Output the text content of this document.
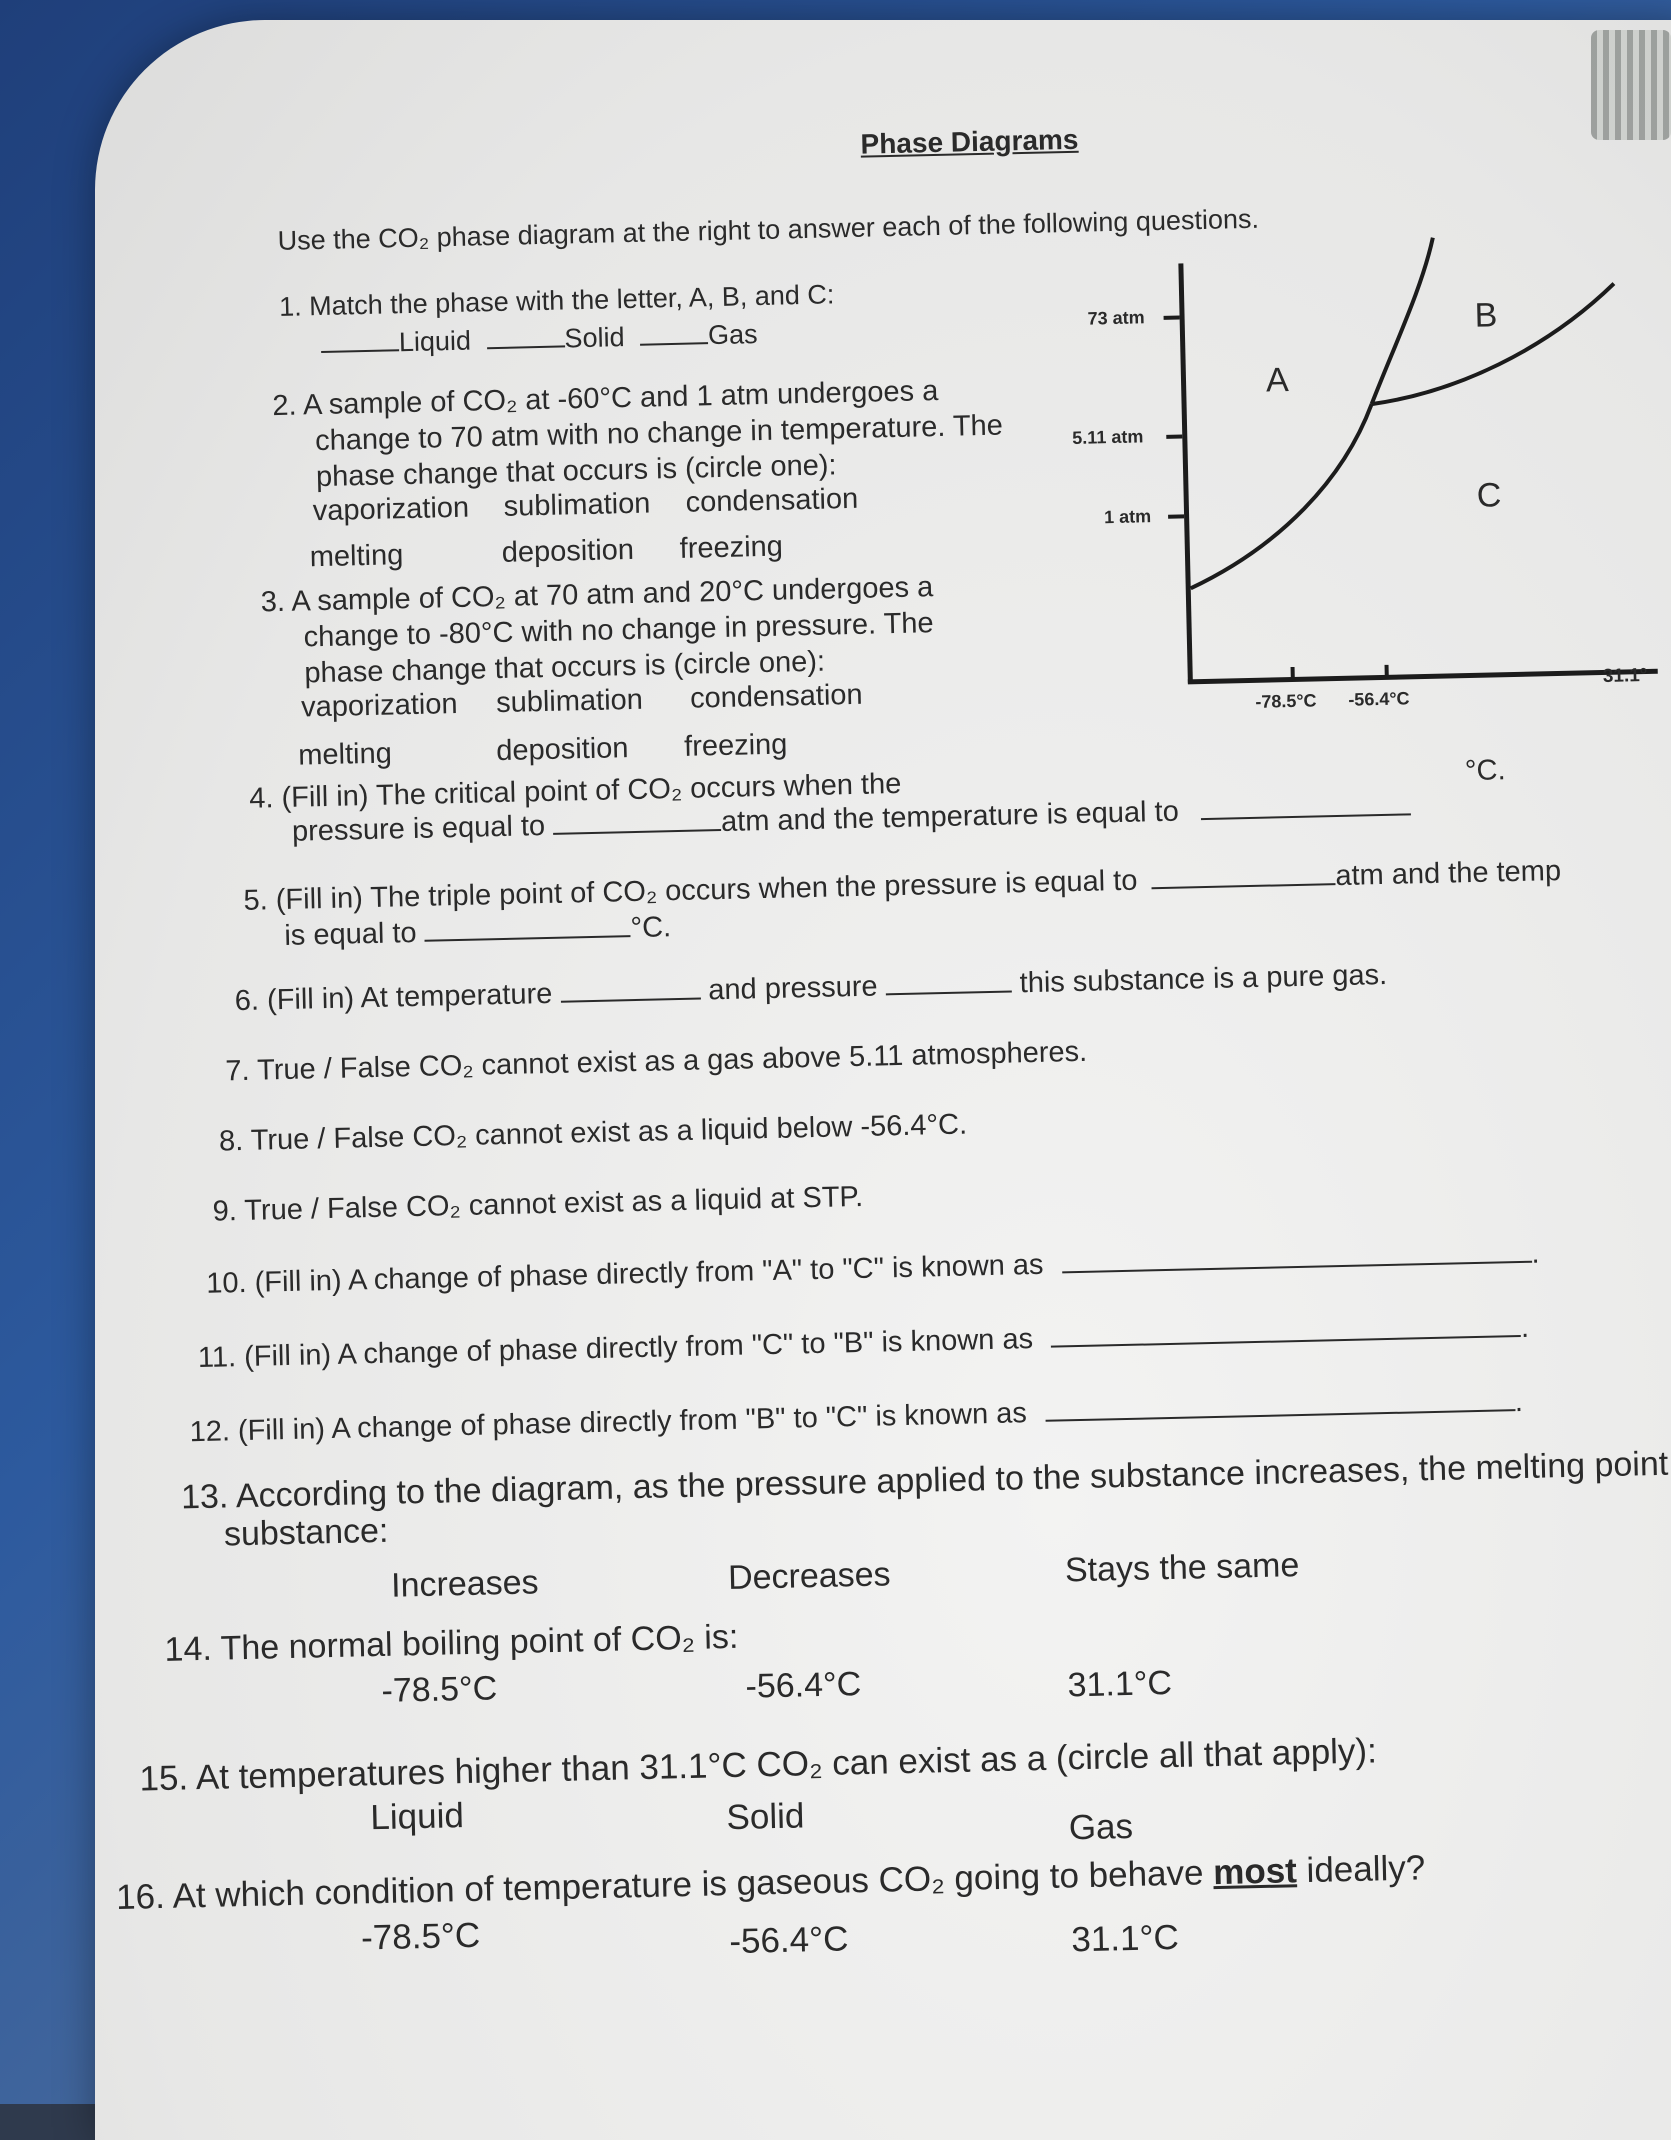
Phase Diagrams
Use the CO₂ phase diagram at the right to answer each of the following questions.
1. Match the phase with the letter, A, B, and C:
Liquid	Solid	Gas
2. A sample of CO₂ at -60°C and 1 atm undergoes a
change to 70 atm with no change in temperature. The
phase change that occurs is (circle one):
vaporization sublimation condensation
melting	deposition freezing
3. A sample of CO₂ at 70 atm and 20°C undergoes a
change to -80°C with no change in pressure. The
phase change that occurs is (circle one):
vaporization sublimation condensation
melting	deposition freezing
73 atm
5.11 atm
1 atm
-78.5°C -56.4°C
31.1°
A
B
C
4. (Fill in) The critical point of CO₂ occurs when the
pressure is equal to	atm and the temperature is equal to
°C.
5. (Fill in) The triple point of CO₂ occurs when the pressure is equal to	atm and the temp
is equal to	°C.
6. (Fill in) At temperature	and pressure	this substance is a pure gas.
7. True / False CO₂ cannot exist as a gas above 5.11 atmospheres.
8. True / False CO₂ cannot exist as a liquid below -56.4°C.
9. True / False CO₂ cannot exist as a liquid at STP.
10. (Fill in) A change of phase directly from "A" to "C" is known as	.
11. (Fill in) A change of phase directly from "C" to "B" is known as	.
12. (Fill in) A change of phase directly from "B" to "C" is known as	.
13. According to the diagram, as the pressure applied to the substance increases, the melting point
substance:
Increases	Decreases	Stays the same
14. The normal boiling point of CO₂ is:
-78.5°C	-56.4°C	31.1°C
15. At temperatures higher than 31.1°C CO₂ can exist as a (circle all that apply):
Liquid	Solid	Gas
16. At which condition of temperature is gaseous CO₂ going to behave most ideally?
-78.5°C	-56.4°C	31.1°C
